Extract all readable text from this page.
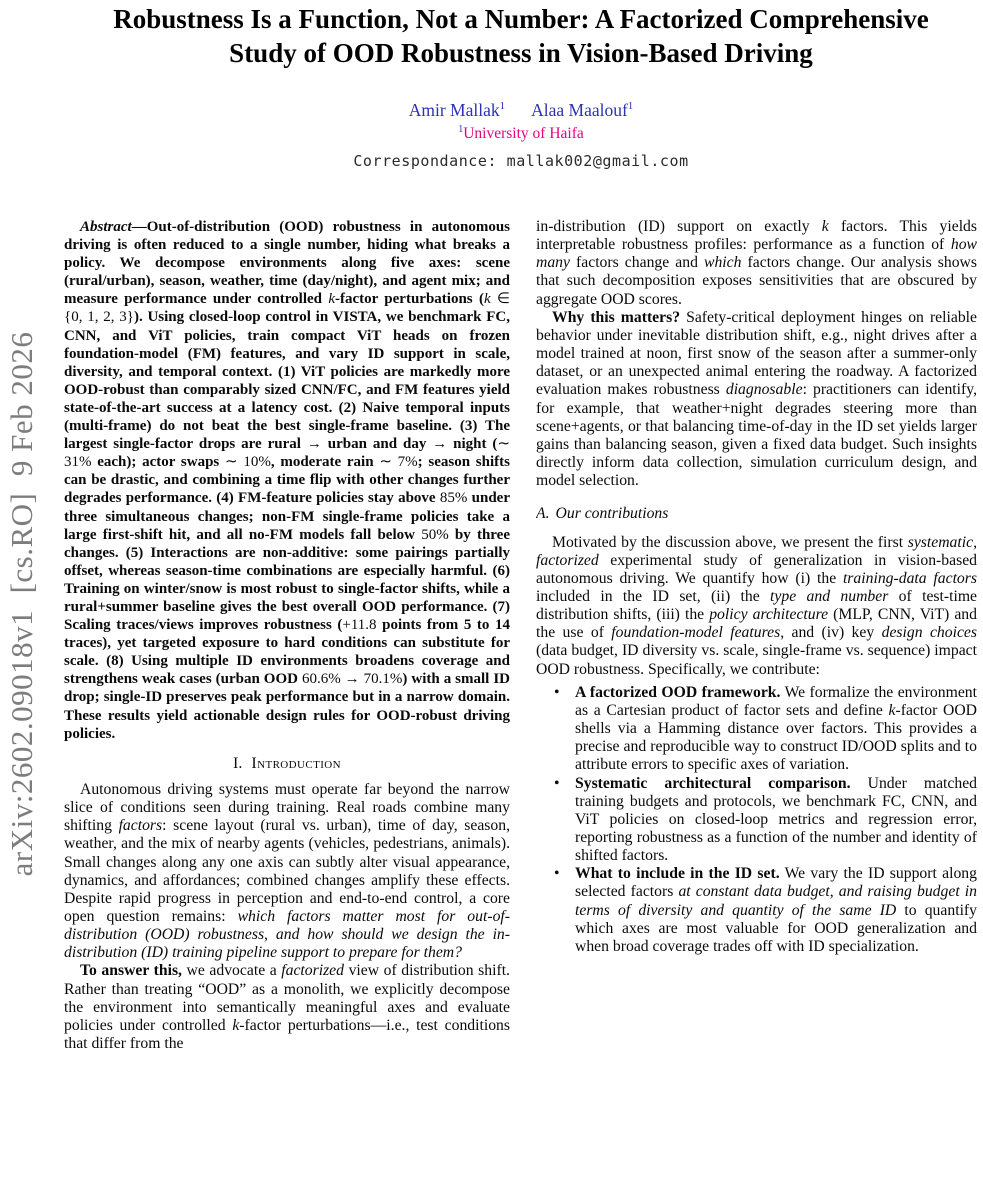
arXiv:2602.09018v1  [cs.RO]  9 Feb 2026
Robustness Is a Function, Not a Number: A Factorized Comprehensive
Study of OOD Robustness in Vision-Based Driving
Amir Mallak$^1$ Alaa Maalouf$^1$
$^1$University of Haifa
Correspondance: mallak002@gmail.com

Abstract—Out-of-distribution (OOD) robustness in autonomous driving is often reduced to a single number, hiding what breaks a policy. We decompose environments along five axes: scene (rural/urban), season, weather, time (day/night), and agent mix; and measure performance under controlled k-factor perturbations (k ∈ {0, 1, 2, 3}). Using closed-loop control in VISTA, we benchmark FC, CNN, and ViT policies, train compact ViT heads on frozen foundation-model (FM) features, and vary ID support in scale, diversity, and temporal context. (1) ViT policies are markedly more OOD-robust than comparably sized CNN/FC, and FM features yield state-of-the-art success at a latency cost. (2) Naive temporal inputs (multi-frame) do not beat the best single-frame baseline. (3) The largest single-factor drops are rural → urban and day → night (∼ 31% each); actor swaps ∼ 10%, moderate rain ∼ 7%; season shifts can be drastic, and combining a time flip with other changes further degrades performance. (4) FM-feature policies stay above 85% under three simultaneous changes; non-FM single-frame policies take a large first-shift hit, and all no-FM models fall below 50% by three changes. (5) Interactions are non-additive: some pairings partially offset, whereas season-time combinations are especially harmful. (6) Training on winter/snow is most robust to single-factor shifts, while a rural+summer baseline gives the best overall OOD performance. (7) Scaling traces/views improves robustness (+11.8 points from 5 to 14 traces), yet targeted exposure to hard conditions can substitute for scale. (8) Using multiple ID environments broadens coverage and strengthens weak cases (urban OOD 60.6% → 70.1%) with a small ID drop; single-ID preserves peak performance but in a narrow domain. These results yield actionable design rules for OOD-robust driving policies.

I. Introduction

Autonomous driving systems must operate far beyond the narrow slice of conditions seen during training. Real roads combine many shifting factors: scene layout (rural vs. urban), time of day, season, weather, and the mix of nearby agents (vehicles, pedestrians, animals). Small changes along any one axis can subtly alter visual appearance, dynamics, and affordances; combined changes amplify these effects. Despite rapid progress in perception and end-to-end control, a core open question remains: which factors matter most for out-of-distribution (OOD) robustness, and how should we design the in-distribution (ID) training pipeline support to prepare for them?

To answer this, we advocate a factorized view of distribution shift. Rather than treating “OOD” as a monolith, we explicitly decompose the environment into semantically meaningful axes and evaluate policies under controlled k-factor perturbations—i.e., test conditions that differ from the

in-distribution (ID) support on exactly k factors. This yields interpretable robustness profiles: performance as a function of how many factors change and which factors change. Our analysis shows that such decomposition exposes sensitivities that are obscured by aggregate OOD scores.

Why this matters? Safety-critical deployment hinges on reliable behavior under inevitable distribution shift, e.g., night drives after a model trained at noon, first snow of the season after a summer-only dataset, or an unexpected animal entering the roadway. A factorized evaluation makes robustness diagnosable: practitioners can identify, for example, that weather+night degrades steering more than scene+agents, or that balancing time-of-day in the ID set yields larger gains than balancing season, given a fixed data budget. Such insights directly inform data collection, simulation curriculum design, and model selection.

A. Our contributions

Motivated by the discussion above, we present the first systematic, factorized experimental study of generalization in vision-based autonomous driving. We quantify how (i) the training-data factors included in the ID set, (ii) the type and number of test-time distribution shifts, (iii) the policy architecture (MLP, CNN, ViT) and the use of foundation-model features, and (iv) key design choices (data budget, ID diversity vs. scale, single-frame vs. sequence) impact OOD robustness. Specifically, we contribute:

• A factorized OOD framework. We formalize the environment as a Cartesian product of factor sets and define k-factor OOD shells via a Hamming distance over factors. This provides a precise and reproducible way to construct ID/OOD splits and to attribute errors to specific axes of variation.
• Systematic architectural comparison. Under matched training budgets and protocols, we benchmark FC, CNN, and ViT policies on closed-loop metrics and regression error, reporting robustness as a function of the number and identity of shifted factors.
• What to include in the ID set. We vary the ID support along selected factors at constant data budget, and raising budget in terms of diversity and quantity of the same ID to quantify which axes are most valuable for OOD generalization and when broad coverage trades off with ID specialization.
